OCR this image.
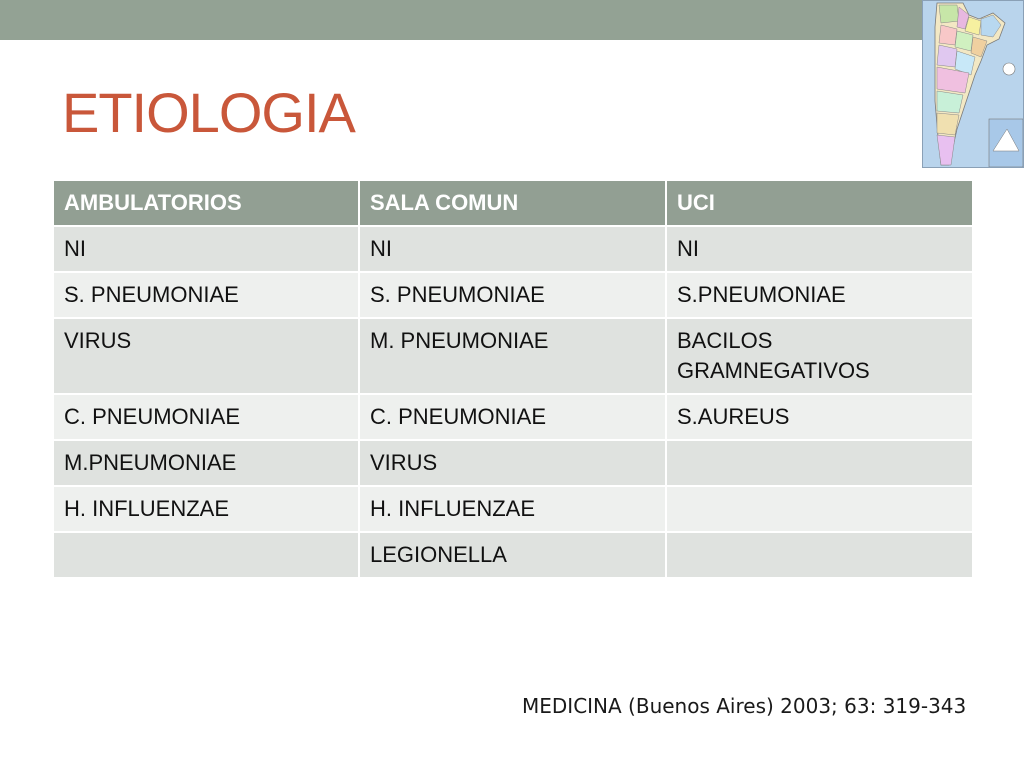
ETIOLOGIA
AMBULATORIOS	SALA COMUN	UCI
NI	NI	NI
S. PNEUMONIAE	S. PNEUMONIAE	S.PNEUMONIAE
VIRUS	M. PNEUMONIAE	BACILOS GRAMNEGATIVOS
C. PNEUMONIAE	C. PNEUMONIAE	S.AUREUS
M.PNEUMONIAE	VIRUS	
H. INFLUENZAE	H. INFLUENZAE	
	LEGIONELLA	
MEDICINA (Buenos Aires) 2003; 63: 319-343
